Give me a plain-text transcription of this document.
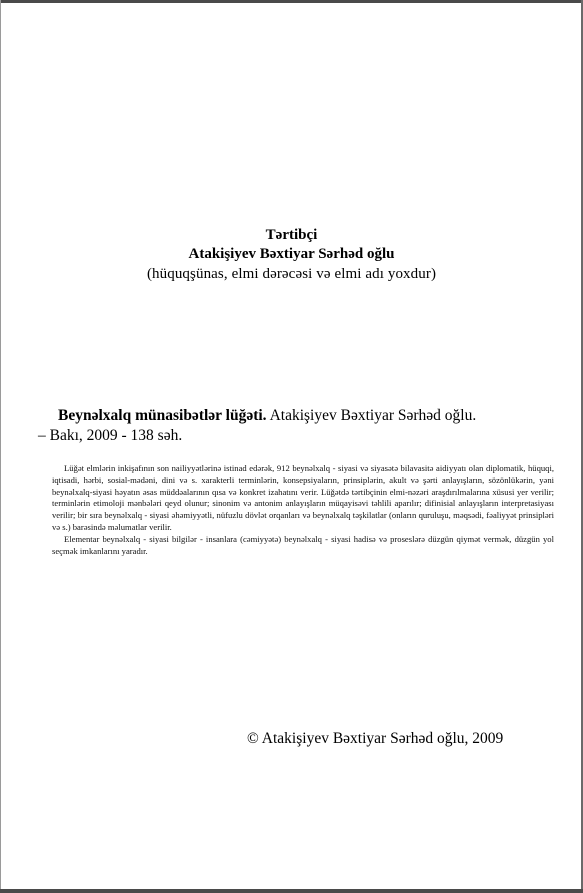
Tərtibçi
Atakişiyev Bəxtiyar Sərhəd oğlu
(hüquqşünas, elmi dərəcəsi və elmi adı yoxdur)
Beynəlxalq münasibətlər lüğəti. Atakişiyev Bəxtiyar Sərhəd oğlu.
– Bakı, 2009 - 138 səh.

Lüğət elmlərin inkişafının son nailiyyətlərinə istinad edərək, 912 beynəlxalq - siyasi və siyasətə bilavasitə aidiyyatı olan diplomatik, hüquqi, iqtisadi, hərbi, sosial-mədəni, dini və s. xarakterli terminlərin, konsepsiyaların, prinsiplərin, akult və şərti anlayışların, sözönlükərin, yəni beynəlxalq-siyasi həyatın əsas müddəalarının qısa və konkret izahatını verir. Lüğətdə tərtibçinin elmi-nəzəri araşdırılmalarına xüsusi yer verilir; terminlərin etimoloji mənbələri qeyd olunur; sinonim və antonim anlayışların müqayisəvi təhlili aparılır; difinisial anlayışların interpretasiyası verilir; bir sıra beynəlxalq - siyasi əhəmiyyətli, nüfuzlu dövlət orqanları və beynəlxalq təşkilatlar (onların quruluşu, məqsədi, fəaliyyət prinsipləri və s.) barəsində məlumatlar verilir.

Elementar beynəlxalq - siyasi bilgilər - insanlara (cəmiyyətə) beynəlxalq - siyasi hadisə və proseslərə düzgün qiymət vermək, düzgün yol seçmək imkanlarını yaradır.

© Atakişiyev Bəxtiyar Sərhəd oğlu, 2009
